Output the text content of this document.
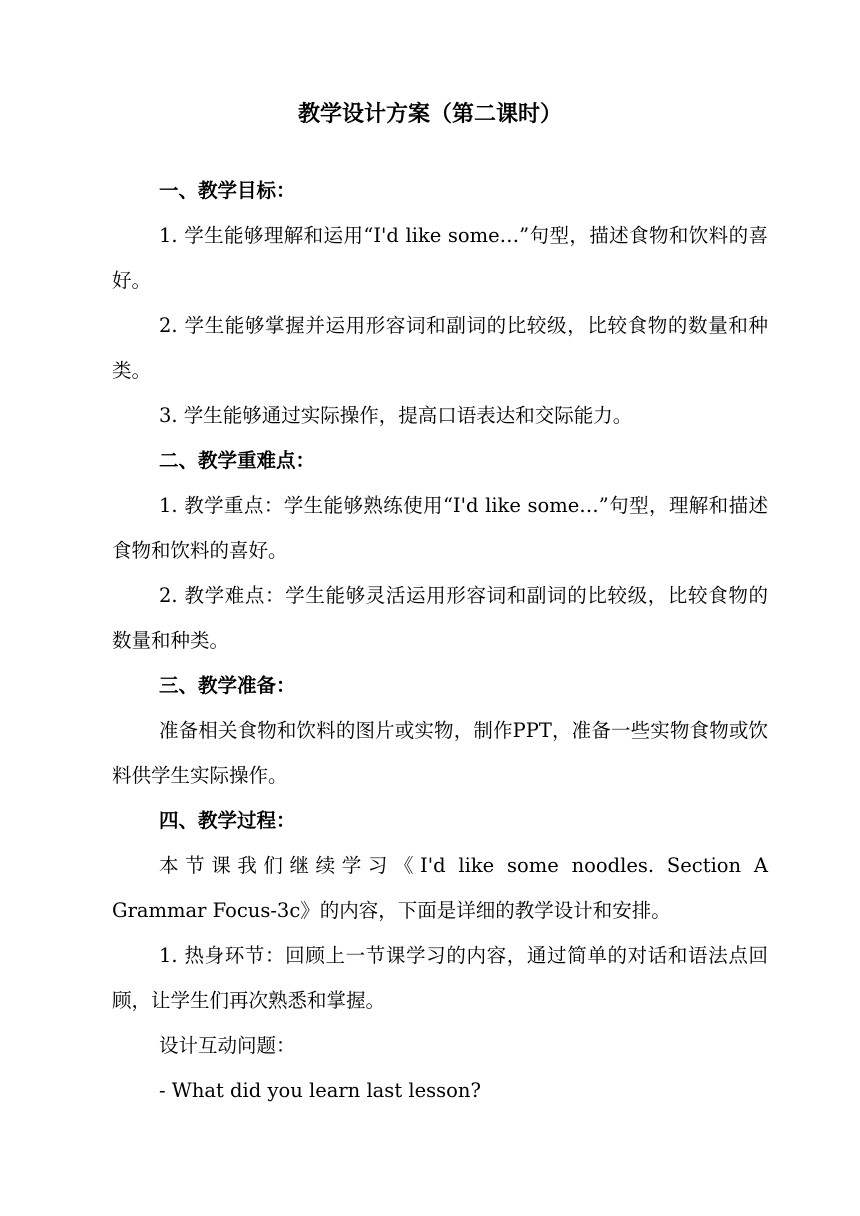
教学设计方案（第二课时）

一、教学目标：

1. 学生能够理解和运用“I'd like some…”句型，描述食物和饮料的喜好。

2. 学生能够掌握并运用形容词和副词的比较级，比较食物的数量和种类。

3. 学生能够通过实际操作，提高口语表达和交际能力。

二、教学重难点：

1. 教学重点：学生能够熟练使用“I'd like some…”句型，理解和描述食物和饮料的喜好。

2. 教学难点：学生能够灵活运用形容词和副词的比较级，比较食物的数量和种类。

三、教学准备：

准备相关食物和饮料的图片或实物，制作PPT，准备一些实物食物或饮料供学生实际操作。

四、教学过程：

本节课我们继续学习《I'd like some noodles. Section A Grammar Focus-3c》的内容，下面是详细的教学设计和安排。

1. 热身环节：回顾上一节课学习的内容，通过简单的对话和语法点回顾，让学生们再次熟悉和掌握。

设计互动问题：

- What did you learn last lesson?
